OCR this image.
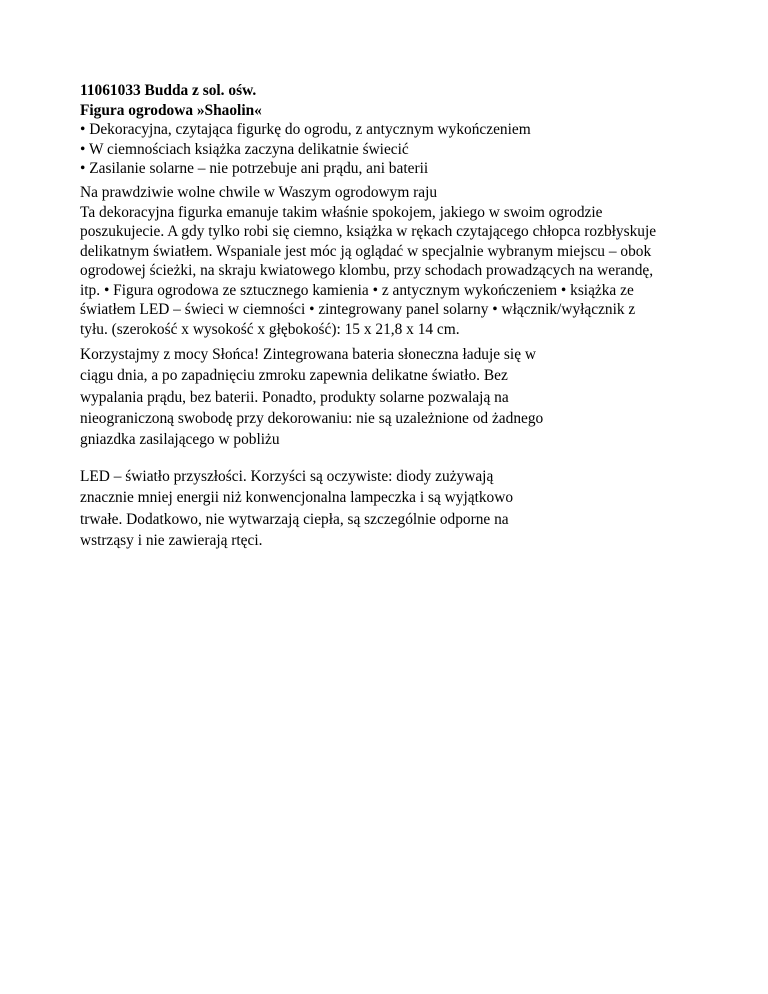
11061033 Budda z sol. ośw.
Figura ogrodowa »Shaolin«
• Dekoracyjna, czytająca figurkę do ogrodu, z antycznym wykończeniem
• W ciemnościach książka zaczyna delikatnie świecić
• Zasilanie solarne – nie potrzebuje ani prądu, ani baterii
Na prawdziwie wolne chwile w Waszym ogrodowym raju
Ta dekoracyjna figurka emanuje takim właśnie spokojem, jakiego w swoim ogrodzie
poszukujecie. A gdy tylko robi się ciemno, książka w rękach czytającego chłopca rozbłyskuje
delikatnym światłem. Wspaniale jest móc ją oglądać w specjalnie wybranym miejscu – obok
ogrodowej ścieżki, na skraju kwiatowego klombu, przy schodach prowadzących na werandę,
itp. • Figura ogrodowa ze sztucznego kamienia • z antycznym wykończeniem • książka ze
światłem LED – świeci w ciemności • zintegrowany panel solarny • włącznik/wyłącznik z
tyłu. (szerokość x wysokość x głębokość): 15 x 21,8 x 14 cm.
Korzystajmy z mocy Słońca! Zintegrowana bateria słoneczna ładuje się w
ciągu dnia, a po zapadnięciu zmroku zapewnia delikatne światło. Bez
wypalania prądu, bez baterii. Ponadto, produkty solarne pozwalają na
nieograniczoną swobodę przy dekorowaniu: nie są uzależnione od żadnego
gniazdka zasilającego w pobliżu
LED – światło przyszłości. Korzyści są oczywiste: diody zużywają
znacznie mniej energii niż konwencjonalna lampeczka i są wyjątkowo
trwałe. Dodatkowo, nie wytwarzają ciepła, są szczególnie odporne na
wstrząsy i nie zawierają rtęci.
